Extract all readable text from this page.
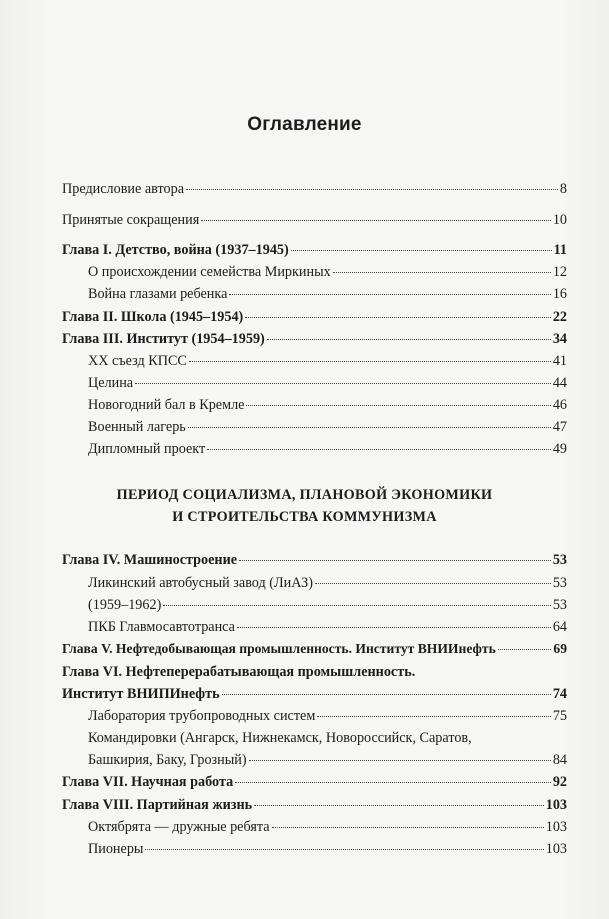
Оглавление
Предисловие автора	8
Принятые сокращения	10
Глава I. Детство, война (1937–1945)	11
О происхождении семейства Миркиных	12
Война глазами ребенка	16
Глава II. Школа (1945–1954)	22
Глава III. Институт (1954–1959)	34
XX съезд КПСС	41
Целина	44
Новогодний бал в Кремле	46
Военный лагерь	47
Дипломный проект	49
ПЕРИОД СОЦИАЛИЗМА, ПЛАНОВОЙ ЭКОНОМИКИ
И СТРОИТЕЛЬСТВА КОММУНИЗМА
Глава IV. Машиностроение	53
Ликинский автобусный завод (ЛиАЗ)	53
(1959–1962)	53
ПКБ Главмосавтотранса	64
Глава V. Нефтедобывающая промышленность. Институт ВНИИнефть	69
Глава VI. Нефтеперерабатывающая промышленность.
Институт ВНИПИнефть	74
Лаборатория трубопроводных систем	75
Командировки (Ангарск, Нижнекамск, Новороссийск, Саратов,
Башкирия, Баку, Грозный)	84
Глава VII. Научная работа	92
Глава VIII. Партийная жизнь	103
Октябрята — дружные ребята	103
Пионеры	103
